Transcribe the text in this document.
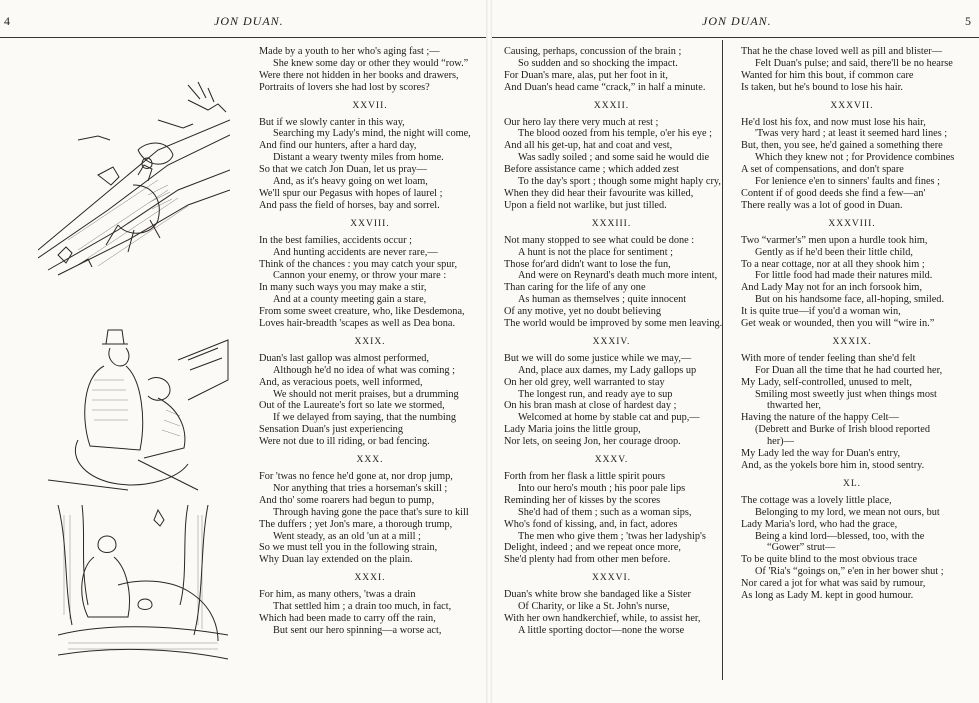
4	JON DUAN.
Made by a youth to her who's aging fast ;—
She knew some day or other they would “row.”
Were there not hidden in her books and drawers,
Portraits of lovers she had lost by scores?
XXVII.
But if we slowly canter in this way,
Searching my Lady's mind, the night will come,
And find our hunters, after a hard day,
Distant a weary twenty miles from home.
So that we catch Jon Duan, let us pray—
And, as it's heavy going on wet loam,
We'll spur our Pegasus with hopes of laurel ;
And pass the field of horses, bay and sorrel.
XXVIII.
In the best families, accidents occur ;
And hunting accidents are never rare,—
Think of the chances : you may catch your spur,
Cannon your enemy, or throw your mare :
In many such ways you may make a stir,
And at a county meeting gain a stare,
From some sweet creature, who, like Desdemona,
Loves hair-breadth 'scapes as well as Dea bona.
XXIX.
Duan's last gallop was almost performed,
Although he'd no idea of what was coming ;
And, as veracious poets, well informed,
We should not merit praises, but a drumming
Out of the Laureate's fort so late we stormed,
If we delayed from saying, that the numbing
Sensation Duan's just experiencing
Were not due to ill riding, or bad fencing.
XXX.
For 'twas no fence he'd gone at, nor drop jump,
Nor anything that tries a horseman's skill ;
And tho' some roarers had begun to pump,
Through having gone the pace that's sure to kill
The duffers ; yet Jon's mare, a thorough trump,
Went steady, as an old 'un at a mill ;
So we must tell you in the following strain,
Why Duan lay extended on the plain.
XXXI.
For him, as many others, 'twas a drain
That settled him ; a drain too much, in fact,
Which had been made to carry off the rain,
But sent our hero spinning—a worse act,
JON DUAN.	5
Causing, perhaps, concussion of the brain ;
So sudden and so shocking the impact.
For Duan's mare, alas, put her foot in it,
And Duan's head came “crack,” in half a minute.
XXXII.
Our hero lay there very much at rest ;
The blood oozed from his temple, o'er his eye ;
And all his get-up, hat and coat and vest,
Was sadly soiled ; and some said he would die
Before assistance came ; which added zest
To the day's sport ; though some might haply cry,
When they did hear their favourite was killed,
Upon a field not warlike, but just tilled.
XXXIII.
Not many stopped to see what could be done :
A hunt is not the place for sentiment ;
Those for'ard didn't want to lose the fun,
And were on Reynard's death much more intent,
Than caring for the life of any one
As human as themselves ; quite innocent
Of any motive, yet no doubt believing
The world would be improved by some men leaving.
XXXIV.
But we will do some justice while we may,—
And, place aux dames, my Lady gallops up
On her old grey, well warranted to stay
The longest run, and ready aye to sup
On his bran mash at close of hardest day ;
Welcomed at home by stable cat and pup,—
Lady Maria joins the little group,
Nor lets, on seeing Jon, her courage droop.
XXXV.
Forth from her flask a little spirit pours
Into our hero's mouth ; his poor pale lips
Reminding her of kisses by the scores
She'd had of them ; such as a woman sips,
Who's fond of kissing, and, in fact, adores
The men who give them ; 'twas her ladyship's
Delight, indeed ; and we repeat once more,
She'd plenty had from other men before.
XXXVI.
Duan's white brow she bandaged like a Sister
Of Charity, or like a St. John's nurse,
With her own handkerchief, while, to assist her,
A little sporting doctor—none the worse
That he the chase loved well as pill and blister—
Felt Duan's pulse; and said, there'll be no hearse
Wanted for him this bout, if common care
Is taken, but he's bound to lose his hair.
XXXVII.
He'd lost his fox, and now must lose his hair,
'Twas very hard ; at least it seemed hard lines ;
But, then, you see, he'd gained a something there
Which they knew not ; for Providence combines
A set of compensations, and don't spare
For lenience e'en to sinners' faults and fines ;
Content if of good deeds she find a few—an'
There really was a lot of good in Duan.
XXXVIII.
Two “varmer's” men upon a hurdle took him,
Gently as if he'd been their little child,
To a near cottage, nor at all they shook him ;
For little food had made their natures mild.
And Lady May not for an inch forsook him,
But on his handsome face, all-hoping, smiled.
It is quite true—if you'd a woman win,
Get weak or wounded, then you will “wire in.”
XXXIX.
With more of tender feeling than she'd felt
For Duan all the time that he had courted her,
My Lady, self-controlled, unused to melt,
Smiling most sweetly just when things most
thwarted her,
Having the nature of the happy Celt—
(Debrett and Burke of Irish blood reported
her)—
My Lady led the way for Duan's entry,
And, as the yokels bore him in, stood sentry.
XL.
The cottage was a lovely little place,
Belonging to my lord, we mean not ours, but
Lady Maria's lord, who had the grace,
Being a kind lord—blessed, too, with the
“Gower” strut—
To be quite blind to the most obvious trace
Of 'Ria's “goings on,” e'en in her bower shut ;
Nor cared a jot for what was said by rumour,
As long as Lady M. kept in good humour.
